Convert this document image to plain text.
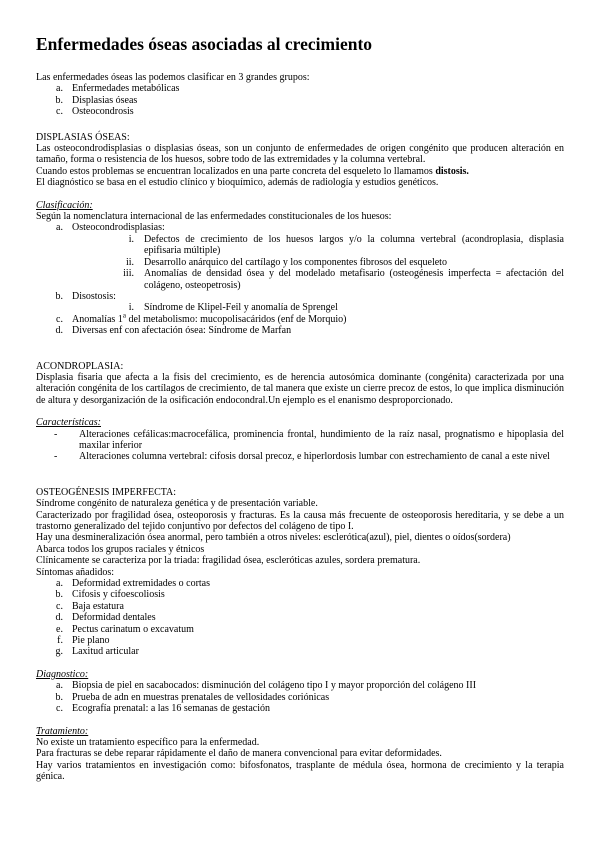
Enfermedades óseas asociadas al crecimiento

Las enfermedades óseas las podemos clasificar en 3 grandes grupos:

a. Enfermedades metabólicas
b. Displasias óseas
c. Osteocondrosis

DISPLASIAS ÓSEAS:

Las osteocondrodisplasias o displasias óseas, son un conjunto de enfermedades de origen congénito que producen alteración en tamaño, forma o resistencia de los huesos, sobre todo de las extremidades y la columna vertebral.

Cuando estos problemas se encuentran localizados en una parte concreta del esqueleto lo llamamos distosis.

El diagnóstico se basa en el estudio clínico y bioquímico, además de radiología y estudios genéticos.

Clasificación:

Según la nomenclatura internacional de las enfermedades constitucionales de los huesos:

a. Osteocondrodisplasias:
i.	Defectos de crecimiento de los huesos largos y/o la columna vertebral (acondroplasia, displasia epifisaria múltiple)
ii.	Desarrollo anárquico del cartílago y los componentes fibrosos del esqueleto
iii.	Anomalías de densidad ósea y del modelado metafisario (osteogénesis imperfecta = afectación del colágeno, osteopetrosis)
b. Disostosis:
i.	Síndrome de Klipel-Feil y anomalía de Sprengel
c. Anomalías 1$^a$ del metabolismo: mucopolisacáridos (enf de Morquio)
d. Diversas enf con afectación ósea: Síndrome de Marfan

ACONDROPLASIA:

Displasia fisaria que afecta a la fisis del crecimiento, es de herencia autosómica dominante (congénita) caracterizada por una alteración congénita de los cartílagos de crecimiento, de tal manera que existe un cierre precoz de estos, lo que implica disminución de altura y desorganización de la osificación endocondral.Un ejemplo es el enanismo desproporcionado.

Características:

-	Alteraciones cefálicas:macrocefálica, prominencia frontal, hundimiento de la raíz nasal, prognatismo e hipoplasia del maxilar inferior
-	Alteraciones columna vertebral: cifosis dorsal precoz, e hiperlordosis lumbar con estrechamiento de canal a este nivel

OSTEOGÉNESIS IMPERFECTA:

Síndrome congénito de naturaleza genética y de presentación variable.

Caracterizado por fragilidad ósea, osteoporosis y fracturas. Es la causa más frecuente de osteoporosis hereditaria, y se debe a un trastorno generalizado del tejido conjuntivo por defectos del colágeno de tipo I.

Hay una desmineralización ósea anormal, pero también a otros niveles: esclerótica(azul), piel, dientes o oídos(sordera)

Abarca todos los grupos raciales y étnicos

Clínicamente se caracteriza por la triada: fragilidad ósea, escleróticas azules, sordera prematura.

Síntomas añadidos:

a. Deformidad extremidades o cortas
b. Cifosis y cifoescoliosis
c. Baja estatura
d. Deformidad dentales
e. Pectus carinatum o excavatum
f. Pie plano
g. Laxitud articular

Diagnostico:

a. Biopsia de piel en sacabocados: disminución del colágeno tipo I y mayor proporción del colágeno III
b. Prueba de adn en muestras prenatales de vellosidades coriónicas
c. Ecografía prenatal: a las 16 semanas de gestación

Tratamiento:

No existe un tratamiento específico para la enfermedad.

Para fracturas se debe reparar rápidamente el daño de manera convencional para evitar deformidades.

Hay varios tratamientos en investigación como: bifosfonatos, trasplante de médula ósea, hormona de crecimiento y la terapia génica.
